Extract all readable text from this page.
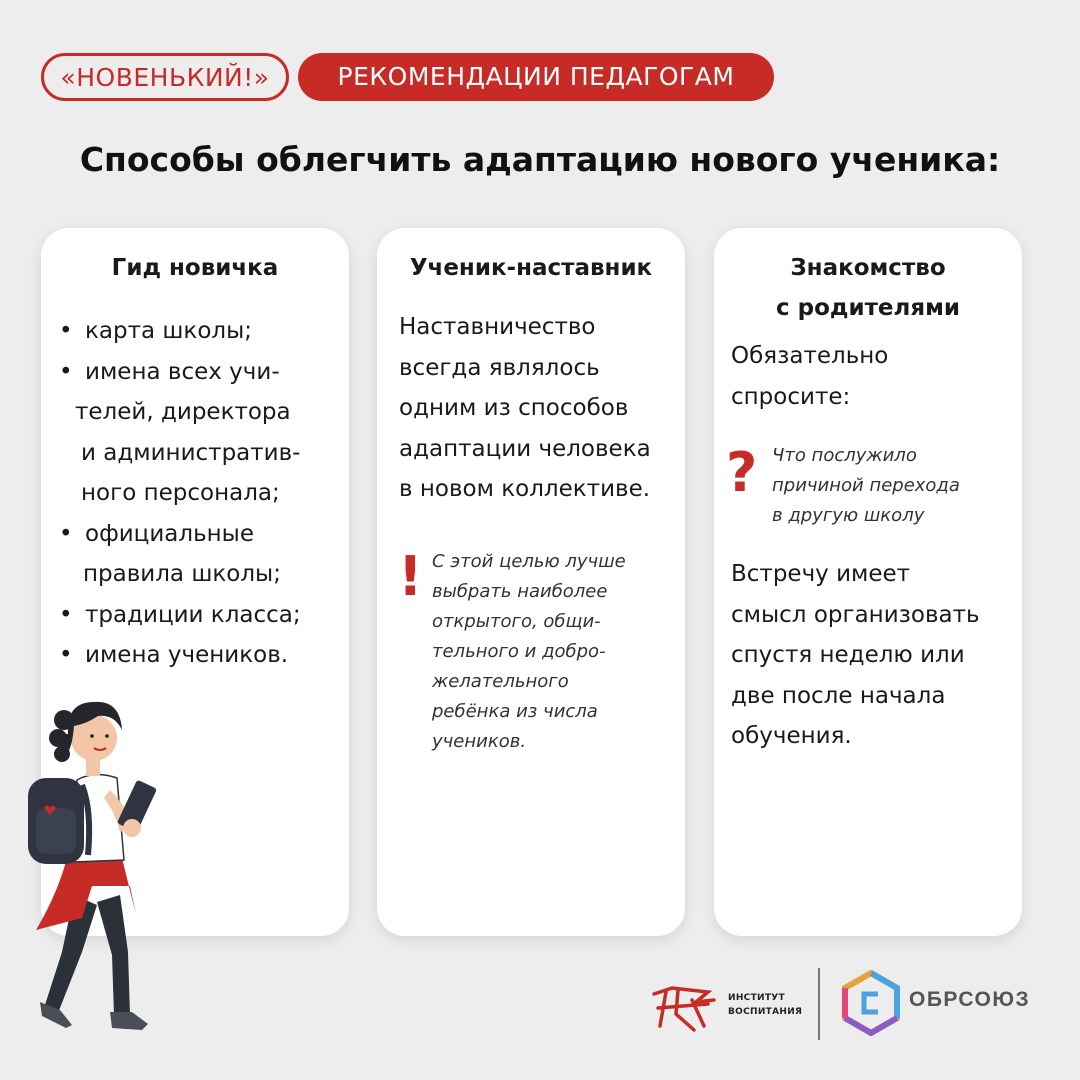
«НОВЕНЬКИЙ!»	РЕКОМЕНДАЦИИ ПЕДАГОГАМ
Способы облегчить адаптацию нового ученика:
Гид новичка
• карта школы;
• имена всех учи-
телей, директора
и административ-
ного персонала;
• официальные
правила школы;
• традиции класса;
• имена учеников.
Ученик-наставник
Наставничество
всегда являлось
одним из способов
адаптации человека
в новом коллективе.
! С этой целью лучше
выбрать наиболее
открытого, общи-
тельного и добро-
желательного
ребёнка из числа
учеников.
Знакомство
с родителями
Обязательно
спросите:
? Что послужило
причиной перехода
в другую школу
Встречу имеет
смысл организовать
спустя неделю или
две после начала
обучения.
ИНСТИТУТ
ВОСПИТАНИЯ
ОБРСОЮЗ
